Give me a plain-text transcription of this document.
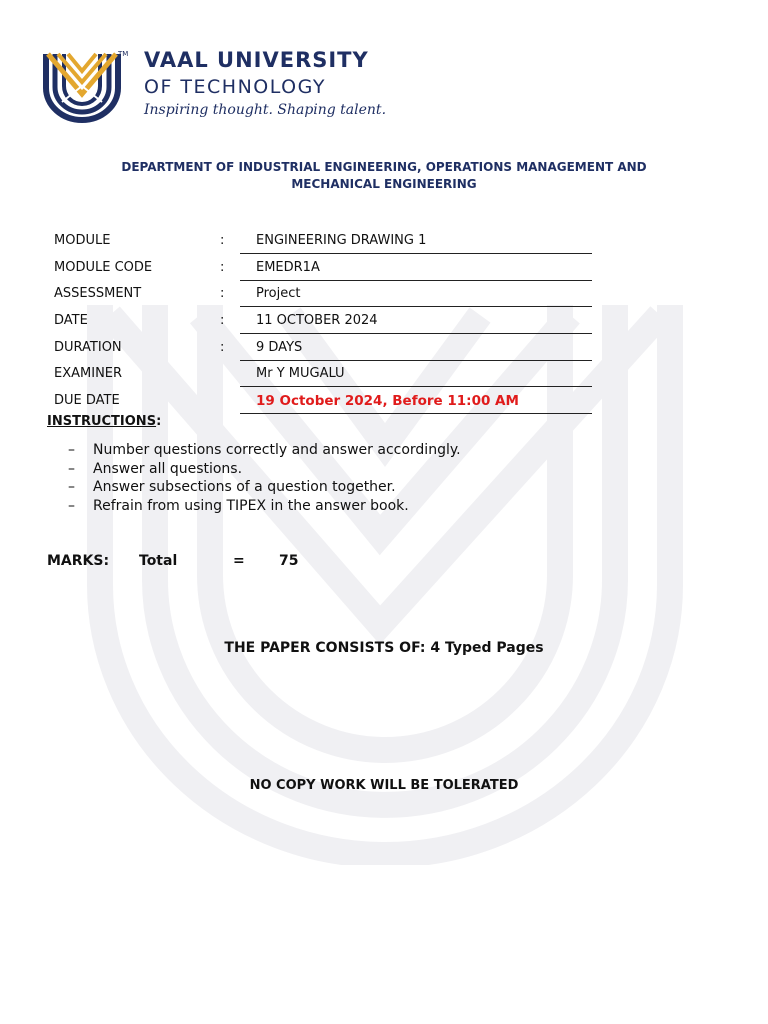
TM VAAL UNIVERSITY
OF TECHNOLOGY
Inspiring thought. Shaping talent.
DEPARTMENT OF INDUSTRIAL ENGINEERING, OPERATIONS MANAGEMENT AND
MECHANICAL ENGINEERING
MODULE	: ENGINEERING DRAWING 1
MODULE CODE	: EMEDR1A
ASSESSMENT	: Project
DATE	: 11 OCTOBER 2024
DURATION	: 9 DAYS
EXAMINER	Mr Y MUGALU
DUE DATE	19 October 2024, Before 11:00 AM
INSTRUCTIONS:
– Number questions correctly and answer accordingly.
– Answer all questions.
– Answer subsections of a question together.
– Refrain from using TIPEX in the answer book.
MARKS: Total	= 75
THE PAPER CONSISTS OF: 4 Typed Pages
NO COPY WORK WILL BE TOLERATED
